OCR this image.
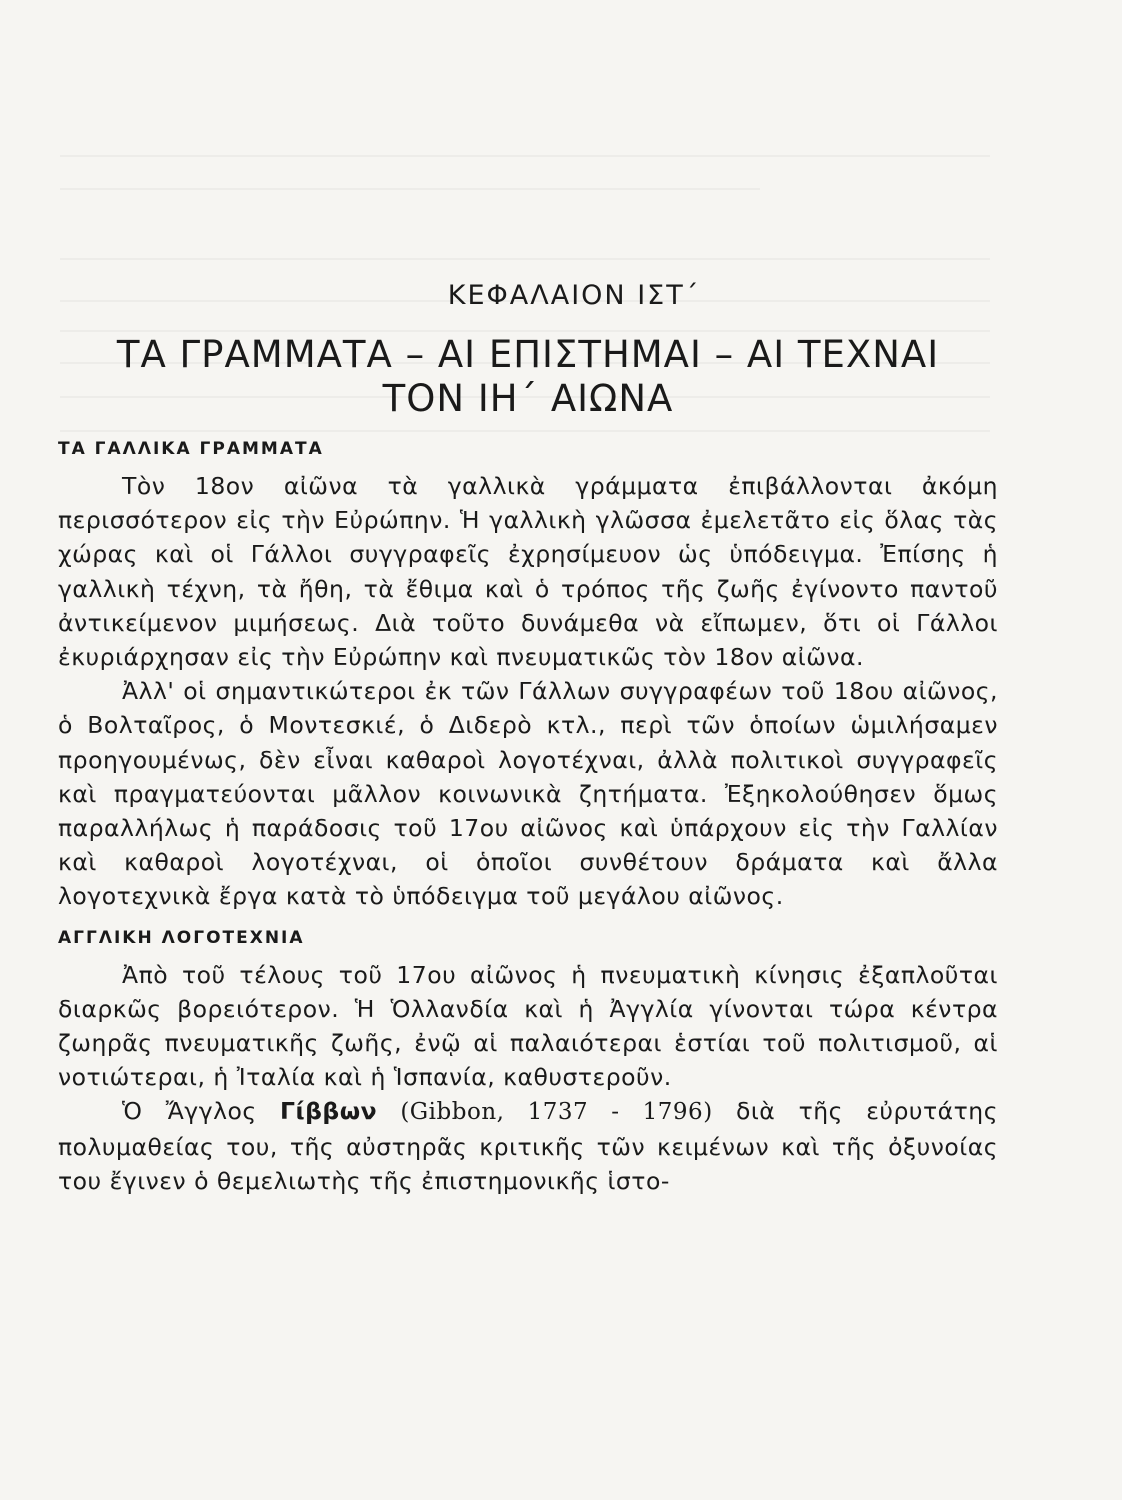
ΚΕΦΑΛΑΙΟΝ ΙΣΤ΄
ΤΑ ΓΡΑΜΜΑΤΑ – ΑΙ ΕΠΙΣΤΗΜΑΙ – ΑΙ ΤΕΧΝΑΙ
ΤΟΝ ΙΗ΄ ΑΙΩΝΑ
ΤΑ ΓΑΛΛΙΚΑ ΓΡΑΜΜΑΤΑ

Τὸν 18ον αἰῶνα τὰ γαλλικὰ γράμματα ἐπιβάλλονται ἀκόμη περισσότερον εἰς τὴν Εὐρώπην. Ἡ γαλλικὴ γλῶσσα ἐμελετᾶτο εἰς ὅλας τὰς χώρας καὶ οἱ Γάλλοι συγγραφεῖς ἐχρησίμευον ὡς ὑπόδειγμα. Ἐπίσης ἡ γαλλικὴ τέχνη, τὰ ἤθη, τὰ ἔθιμα καὶ ὁ τρόπος τῆς ζωῆς ἐγίνοντο παντοῦ ἀντικείμενον μιμήσεως. Διὰ τοῦτο δυνάμεθα νὰ εἴπωμεν, ὅτι οἱ Γάλλοι ἐκυριάρχησαν εἰς τὴν Εὐρώπην καὶ πνευματικῶς τὸν 18ον αἰῶνα.

Ἀλλ' οἱ σημαντικώτεροι ἐκ τῶν Γάλλων συγγραφέων τοῦ 18ου αἰῶνος, ὁ Βολταῖρος, ὁ Μοντεσκιέ, ὁ Διδερὸ κτλ., περὶ τῶν ὁποίων ὡμιλήσαμεν προηγουμένως, δὲν εἶναι καθαροὶ λογοτέχναι, ἀλλὰ πολιτικοὶ συγγραφεῖς καὶ πραγματεύονται μᾶλλον κοινωνικὰ ζητήματα. Ἐξηκολούθησεν ὅμως παραλλήλως ἡ παράδοσις τοῦ 17ου αἰῶνος καὶ ὑπάρχουν εἰς τὴν Γαλλίαν καὶ καθαροὶ λογοτέχναι, οἱ ὁποῖοι συνθέτουν δράματα καὶ ἄλλα λογοτεχνικὰ ἔργα κατὰ τὸ ὑπόδειγμα τοῦ μεγάλου αἰῶνος.

ΑΓΓΛΙΚΗ ΛΟΓΟΤΕΧΝΙΑ

Ἀπὸ τοῦ τέλους τοῦ 17ου αἰῶνος ἡ πνευματικὴ κίνησις ἐξαπλοῦται διαρκῶς βορειότερον. Ἡ Ὁλλανδία καὶ ἡ Ἀγγλία γίνονται τώρα κέντρα ζωηρᾶς πνευματικῆς ζωῆς, ἐνῷ αἱ παλαιότεραι ἑστίαι τοῦ πολιτισμοῦ, αἱ νοτιώτεραι, ἡ Ἰταλία καὶ ἡ Ἱσπανία, καθυστεροῦν.

Ὁ Ἄγγλος Γίββων (Gibbon, 1737 - 1796) διὰ τῆς εὐρυτάτης πολυμαθείας του, τῆς αὐστηρᾶς κριτικῆς τῶν κειμένων καὶ τῆς ὀξυνοίας του ἔγινεν ὁ θεμελιωτὴς τῆς ἐπιστημονικῆς ἱστο-
